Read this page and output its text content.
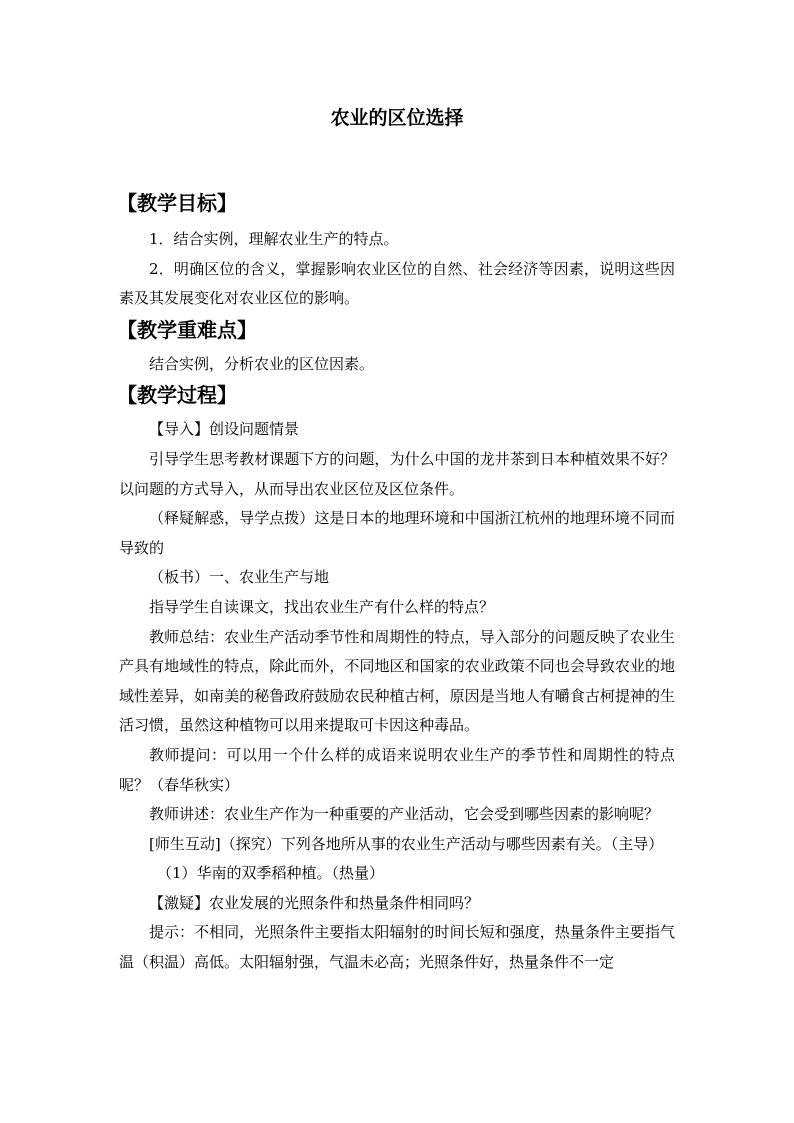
农业的区位选择
【教学目标】

1．结合实例，理解农业生产的特点。

2．明确区位的含义，掌握影响农业区位的自然、社会经济等因素，说明这些因素及其发展变化对农业区位的影响。

【教学重难点】

结合实例，分析农业的区位因素。

【教学过程】

【导入】创设问题情景

引导学生思考教材课题下方的问题，为什么中国的龙井茶到日本种植效果不好？以问题的方式导入，从而导出农业区位及区位条件。

（释疑解惑，导学点拨）这是日本的地理环境和中国浙江杭州的地理环境不同而导致的

（板书）一、农业生产与地

指导学生自读课文，找出农业生产有什么样的特点？

教师总结：农业生产活动季节性和周期性的特点，导入部分的问题反映了农业生产具有地域性的特点，除此而外，不同地区和国家的农业政策不同也会导致农业的地域性差异，如南美的秘鲁政府鼓励农民种植古柯，原因是当地人有嚼食古柯提神的生活习惯，虽然这种植物可以用来提取可卡因这种毒品。

教师提问：可以用一个什么样的成语来说明农业生产的季节性和周期性的特点呢？（春华秋实）

教师讲述：农业生产作为一种重要的产业活动，它会受到哪些因素的影响呢？

[师生互动]（探究）下列各地所从事的农业生产活动与哪些因素有关。（主导）

（1）华南的双季稻种植。（热量）

【激疑】农业发展的光照条件和热量条件相同吗？

提示：不相同，光照条件主要指太阳辐射的时间长短和强度，热量条件主要指气温（积温）高低。太阳辐射强，气温未必高；光照条件好，热量条件不一定
